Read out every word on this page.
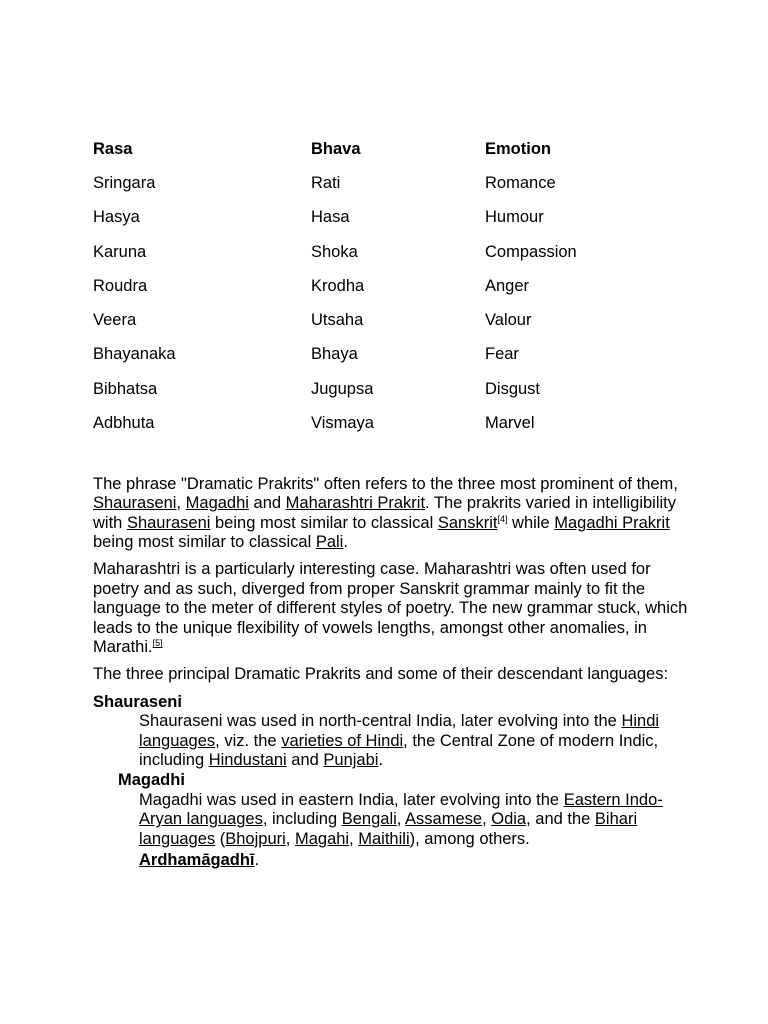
Rasa	Bhava	Emotion
Sringara	Rati	Romance
Hasya	Hasa	Humour
Karuna	Shoka	Compassion
Roudra	Krodha	Anger
Veera	Utsaha	Valour
Bhayanaka	Bhaya	Fear
Bibhatsa	Jugupsa	Disgust
Adbhuta	Vismaya	Marvel

The phrase "Dramatic Prakrits" often refers to the three most prominent of them, Shauraseni, Magadhi and Maharashtri Prakrit. The prakrits varied in intelligibility with Shauraseni being most similar to classical Sanskrit[4] while Magadhi Prakrit being most similar to classical Pali.

Maharashtri is a particularly interesting case. Maharashtri was often used for poetry and as such, diverged from proper Sanskrit grammar mainly to fit the language to the meter of different styles of poetry. The new grammar stuck, which leads to the unique flexibility of vowels lengths, amongst other anomalies, in Marathi.[5]

The three principal Dramatic Prakrits and some of their descendant languages:

Shauraseni

Shauraseni was used in north-central India, later evolving into the Hindi languages, viz. the varieties of Hindi, the Central Zone of modern Indic, including Hindustani and Punjabi.

Magadhi

Magadhi was used in eastern India, later evolving into the Eastern Indo-Aryan languages, including Bengali, Assamese, Odia, and the Bihari languages (Bhojpuri, Magahi, Maithili), among others.

Ardhamāgadhī.
